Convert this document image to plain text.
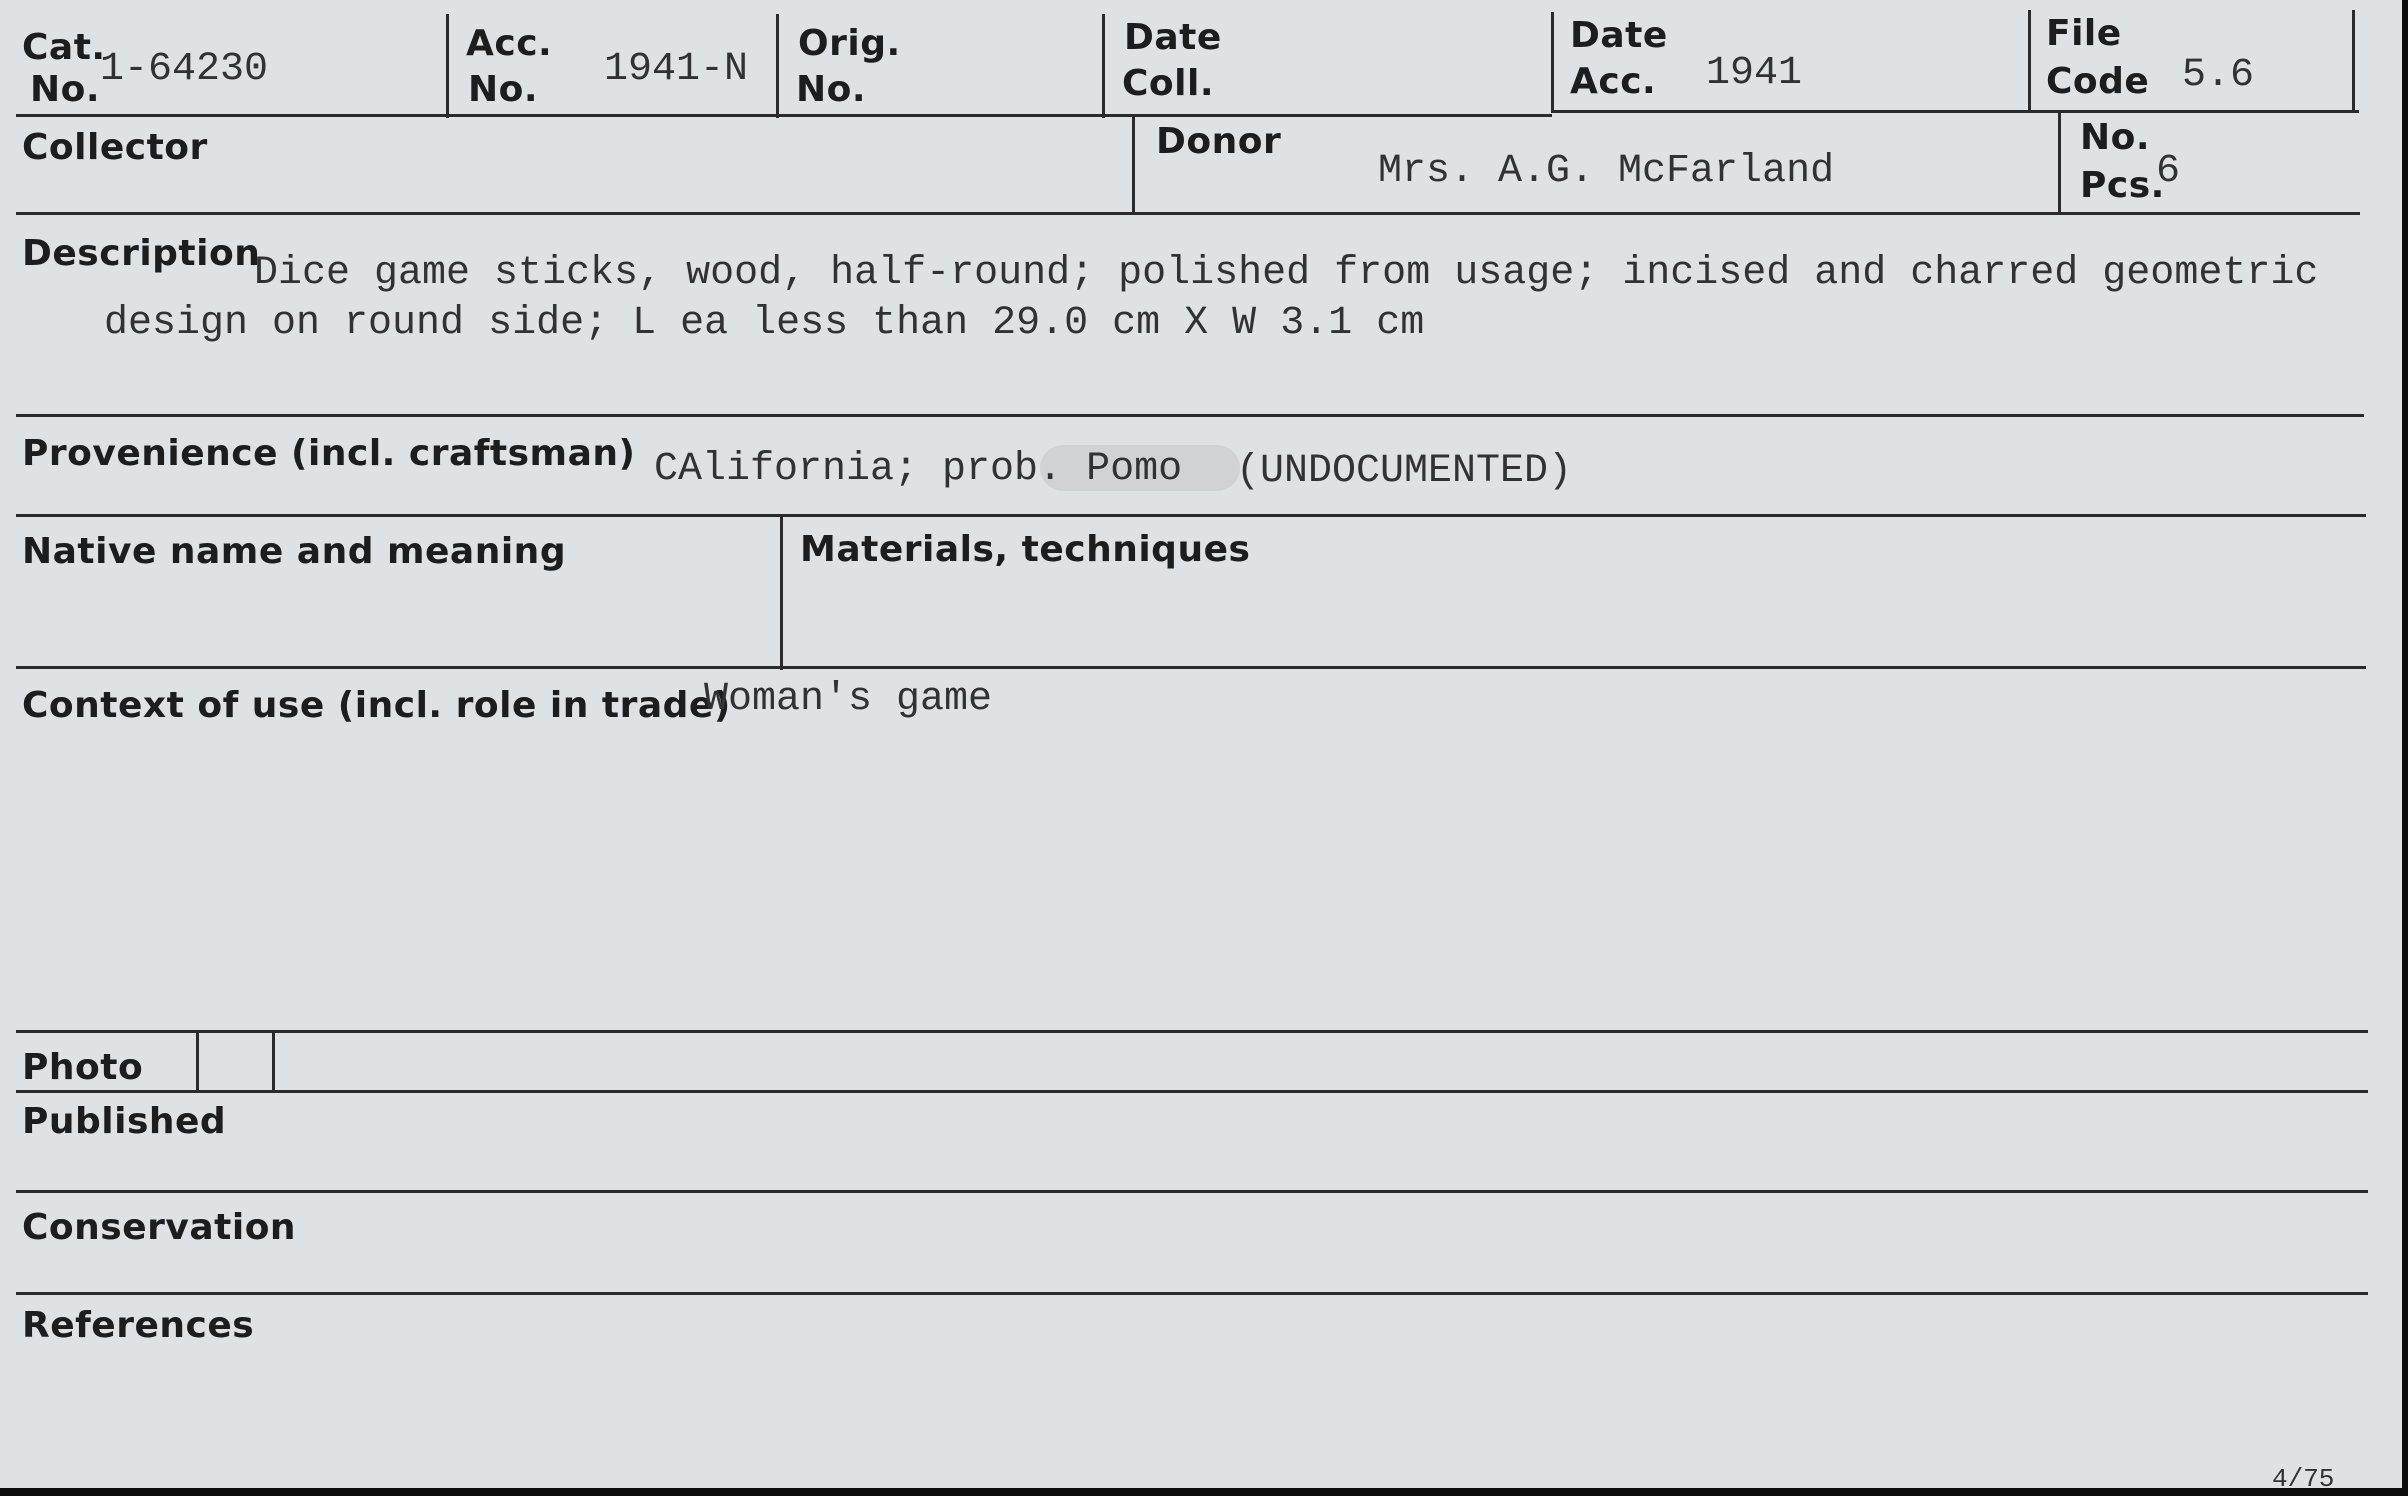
Cat.
No. 1-64230
Acc.
No. 1941-N
Orig.
No.
Date
Coll.
Date
Acc. 1941
File
Code 5.6
Collector	Donor
Mrs. A.G. McFarland
No.
Pcs.
6
Description
Dice game sticks, wood, half-round; polished from usage; incised and charred geometric
design on round side; L ea less than 29.0 cm X W 3.1 cm
Provenience (incl. craftsman) CAlifornia; prob. Pomo (UNDOCUMENTED)
Native name and meaning	Materials, techniques
Context of use (incl. role in trade)
Woman's game
Photo
Published
Conservation
References
4/75
